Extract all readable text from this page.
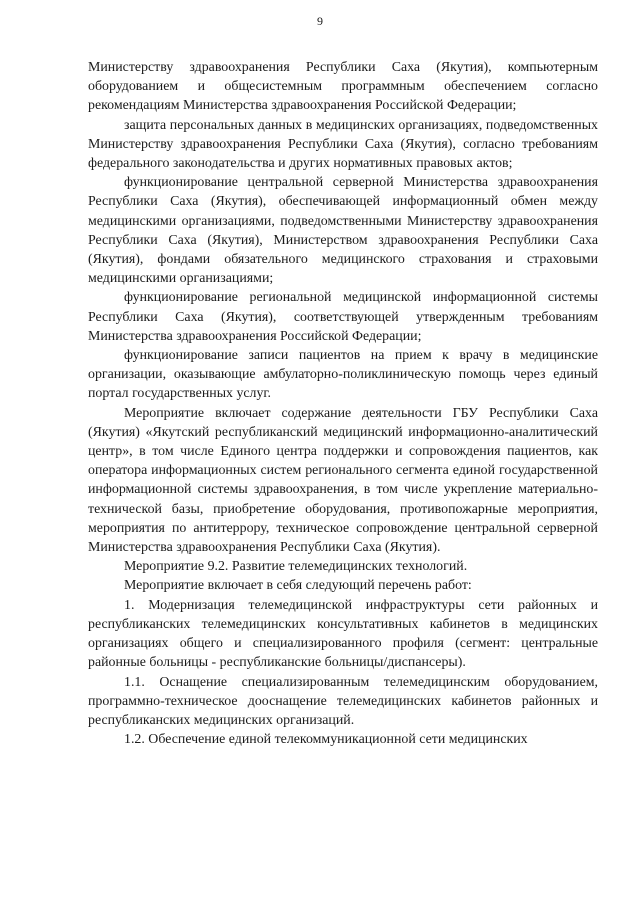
9

Министерству здравоохранения Республики Саха (Якутия), компьютерным оборудованием и общесистемным программным обеспечением согласно рекомендациям Министерства здравоохранения Российской Федерации;

защита персональных данных в медицинских организациях, подведомственных Министерству здравоохранения Республики Саха (Якутия), согласно требованиям федерального законодательства и других нормативных правовых актов;

функционирование центральной серверной Министерства здравоохранения Республики Саха (Якутия), обеспечивающей информационный обмен между медицинскими организациями, подведомственными Министерству здравоохранения Республики Саха (Якутия), Министерством здравоохранения Республики Саха (Якутия), фондами обязательного медицинского страхования и страховыми медицинскими организациями;

функционирование региональной медицинской информационной системы Республики Саха (Якутия), соответствующей утвержденным требованиям Министерства здравоохранения Российской Федерации;

функционирование записи пациентов на прием к врачу в медицинские организации, оказывающие амбулаторно-поликлиническую помощь через единый портал государственных услуг.

Мероприятие включает содержание деятельности ГБУ Республики Саха (Якутия) «Якутский республиканский медицинский информационно-аналитический центр», в том числе Единого центра поддержки и сопровождения пациентов, как оператора информационных систем регионального сегмента единой государственной информационной системы здравоохранения, в том числе укрепление материально-технической базы, приобретение оборудования, противопожарные мероприятия, мероприятия по антитеррору, техническое сопровождение центральной серверной Министерства здравоохранения Республики Саха (Якутия).

Мероприятие 9.2. Развитие телемедицинских технологий.

Мероприятие включает в себя следующий перечень работ:

1. Модернизация телемедицинской инфраструктуры сети районных и республиканских телемедицинских консультативных кабинетов в медицинских организациях общего и специализированного профиля (сегмент: центральные районные больницы - республиканские больницы/диспансеры).

1.1. Оснащение специализированным телемедицинским оборудованием, программно-техническое дооснащение телемедицинских кабинетов районных и республиканских медицинских организаций.

1.2. Обеспечение единой телекоммуникационной сети медицинских
